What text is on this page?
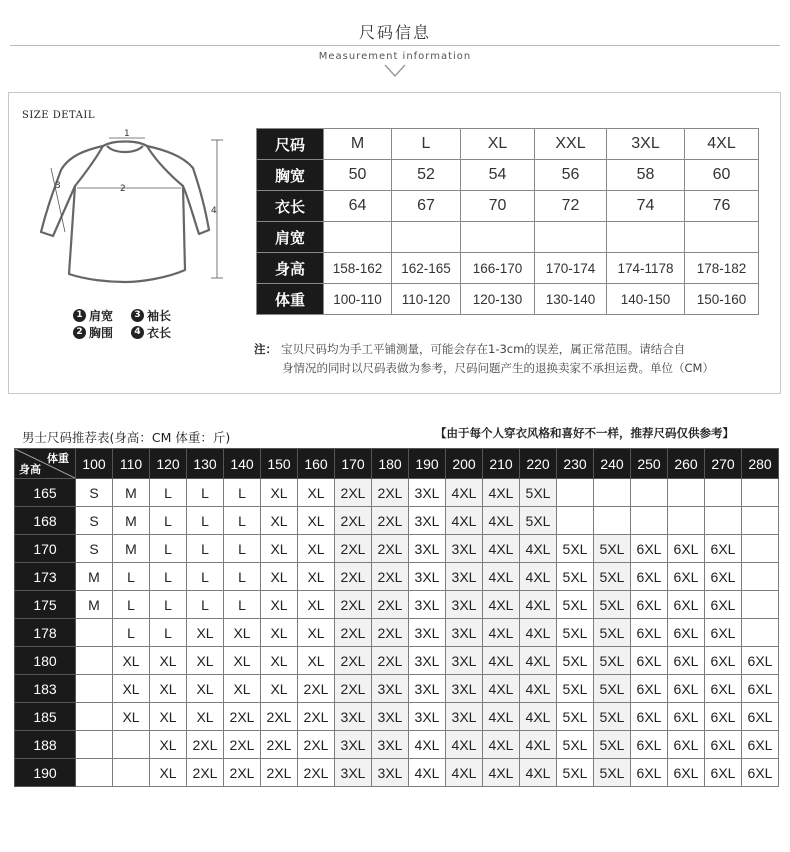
尺码信息
Measurement information
SIZE DETAIL
1
2
3
4
1 肩宽	3 袖长
2 胸围	4 衣长
尺码	M	L	XL	XXL	3XL	4XL
胸宽	50	52	54	56	58	60
衣长	64	67	70	72	74	76
肩宽						
身高	158-162	162-165	166-170	170-174	174-1178	178-182
体重	100-110	110-120	120-130	130-140	140-150	150-160
注： 宝贝尺码均为手工平铺测量，可能会存在1-3cm的误差，属正常范围。请结合自
身情况的同时以尺码表做为参考，尺码问题产生的退换卖家不承担运费。单位（CM）
男士尺码推荐表(身高：CM 体重：斤)	【由于每个人穿衣风格和喜好不一样，推荐尺码仅供参考】
体重
身高	100	110	120	130	140	150	160	170	180	190	200	210	220	230	240	250	260	270	280
165	S	M	L	L	L	XL	XL	2XL	2XL	3XL	4XL	4XL	5XL						
168	S	M	L	L	L	XL	XL	2XL	2XL	3XL	4XL	4XL	5XL						
170	S	M	L	L	L	XL	XL	2XL	2XL	3XL	3XL	4XL	4XL	5XL	5XL	6XL	6XL	6XL	
173	M	L	L	L	L	XL	XL	2XL	2XL	3XL	3XL	4XL	4XL	5XL	5XL	6XL	6XL	6XL	
175	M	L	L	L	L	XL	XL	2XL	2XL	3XL	3XL	4XL	4XL	5XL	5XL	6XL	6XL	6XL	
178		L	L	XL	XL	XL	XL	2XL	2XL	3XL	3XL	4XL	4XL	5XL	5XL	6XL	6XL	6XL	
180		XL	XL	XL	XL	XL	XL	2XL	2XL	3XL	3XL	4XL	4XL	5XL	5XL	6XL	6XL	6XL	6XL
183		XL	XL	XL	XL	XL	2XL	2XL	3XL	3XL	3XL	4XL	4XL	5XL	5XL	6XL	6XL	6XL	6XL
185		XL	XL	XL	2XL	2XL	2XL	3XL	3XL	3XL	3XL	4XL	4XL	5XL	5XL	6XL	6XL	6XL	6XL
188			XL	2XL	2XL	2XL	2XL	3XL	3XL	4XL	4XL	4XL	4XL	5XL	5XL	6XL	6XL	6XL	6XL
190			XL	2XL	2XL	2XL	2XL	3XL	3XL	4XL	4XL	4XL	4XL	5XL	5XL	6XL	6XL	6XL	6XL
